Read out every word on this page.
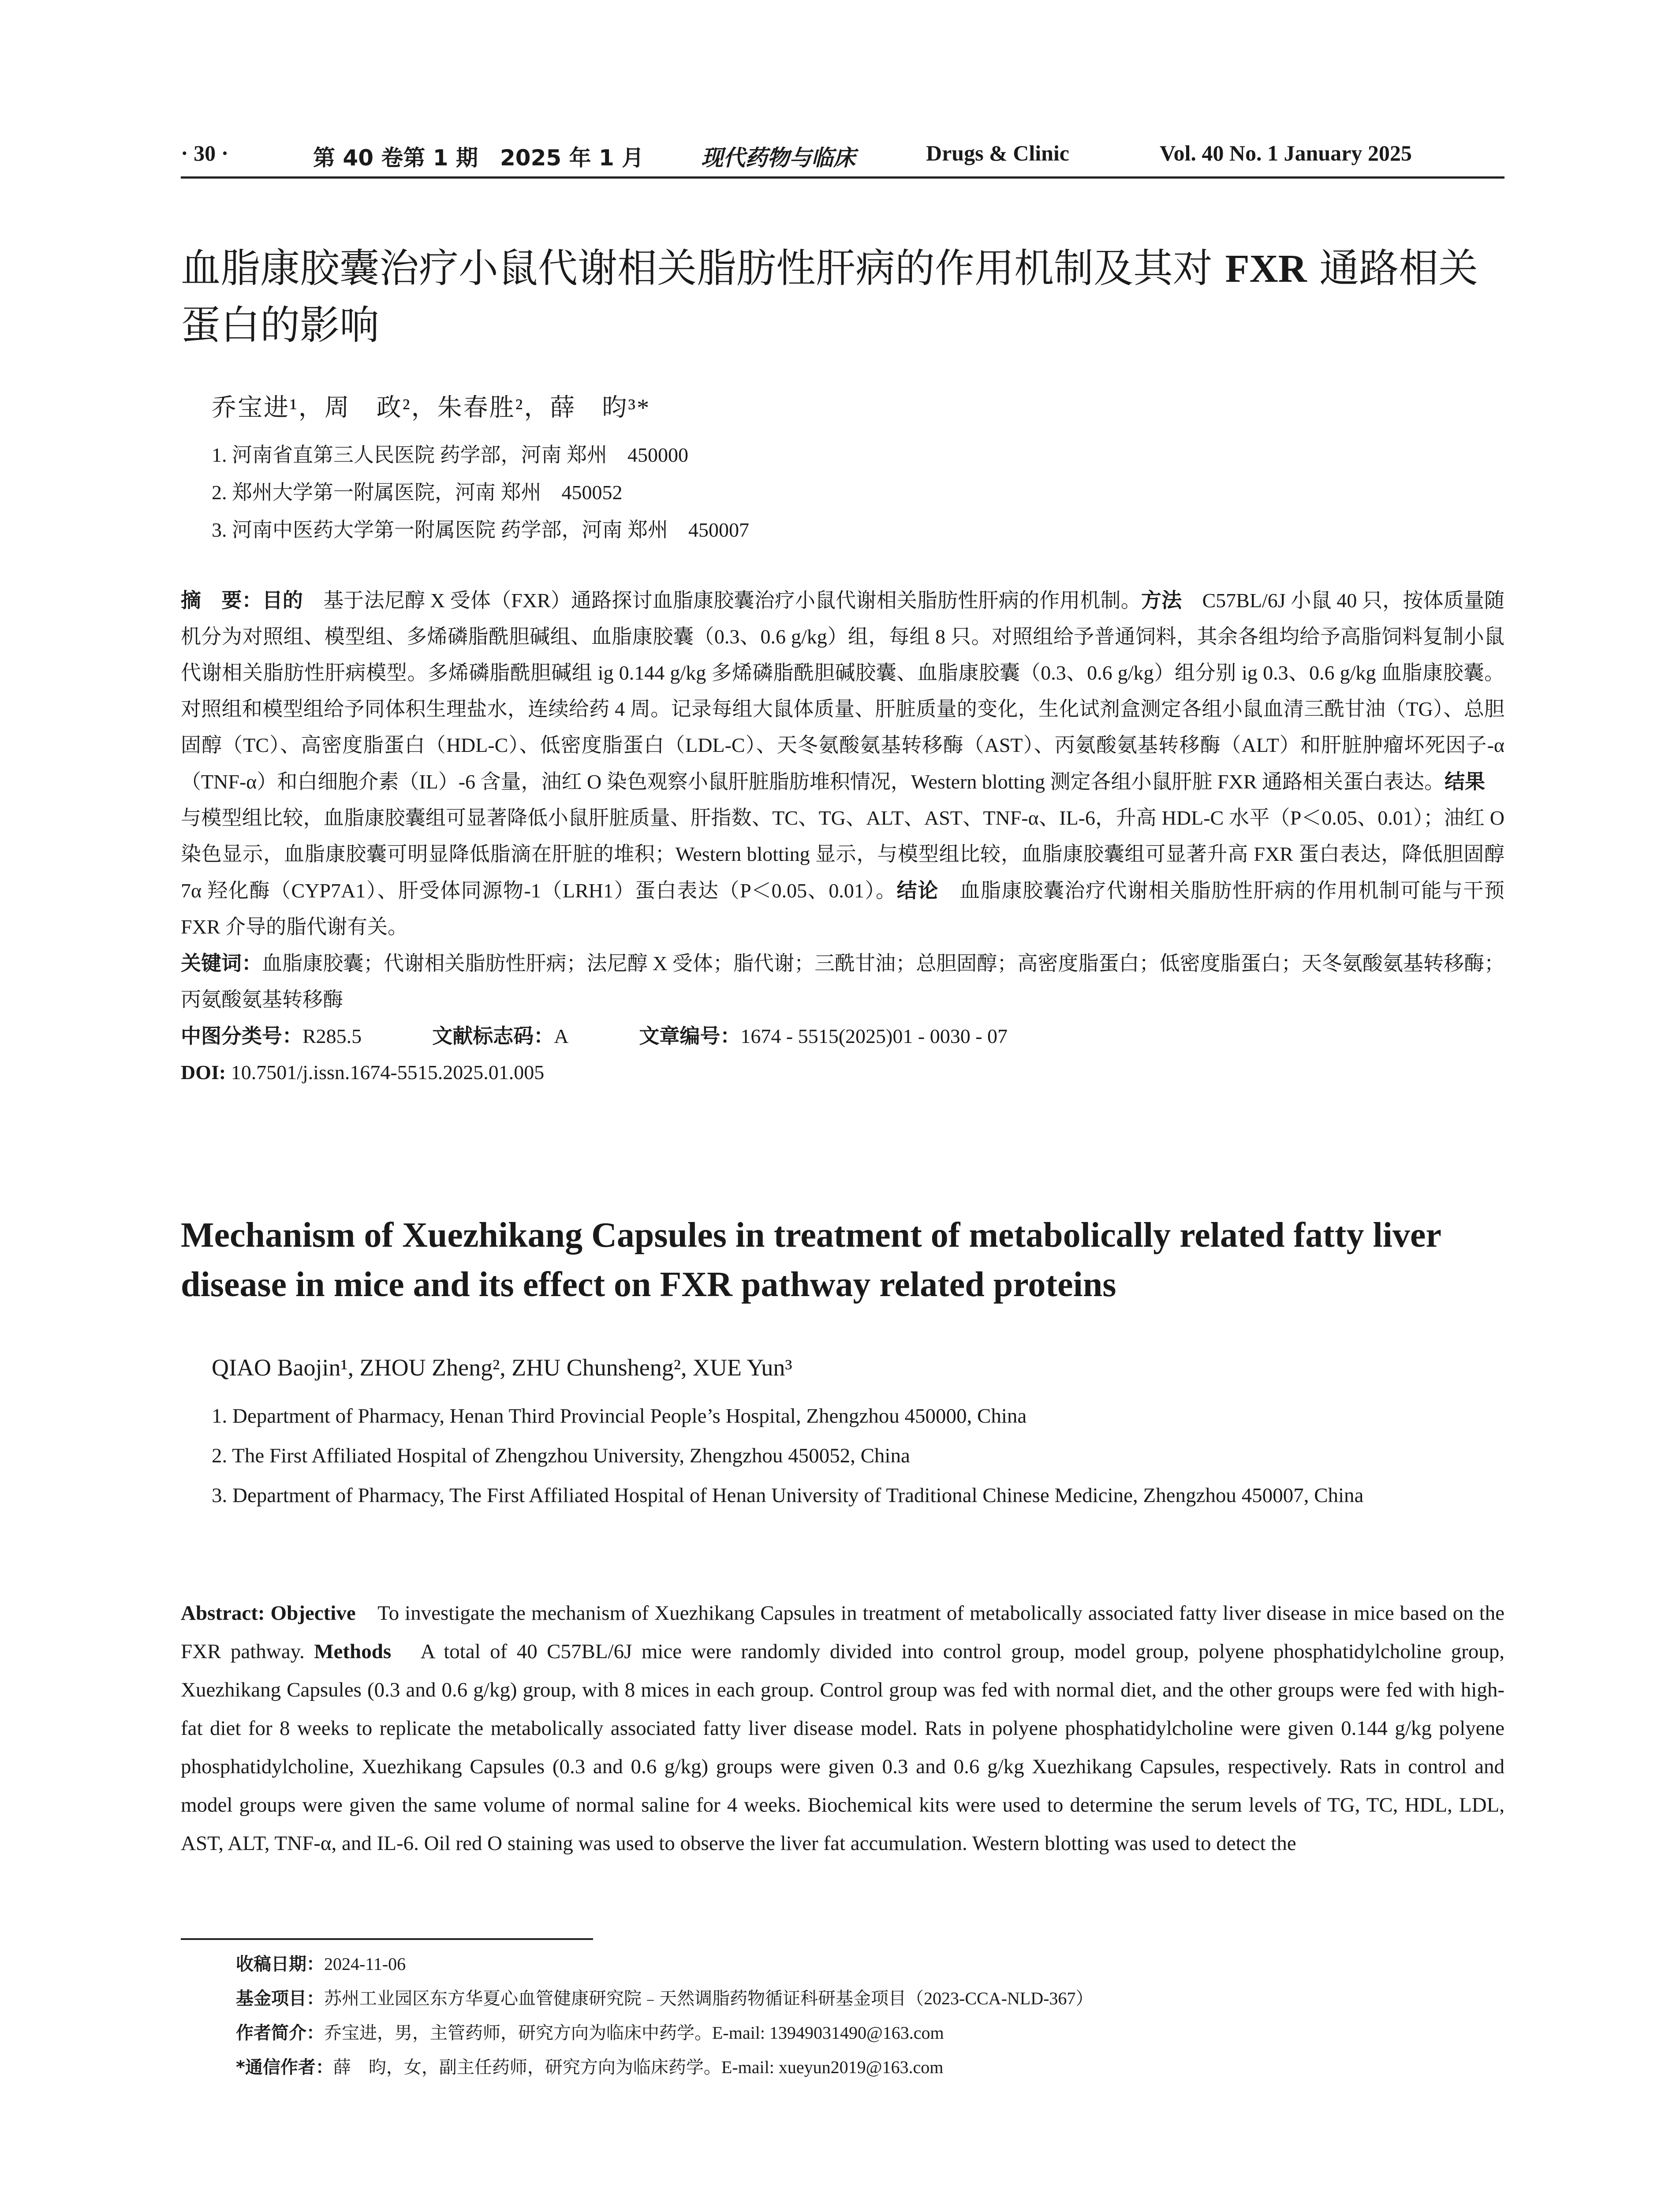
· 30 ·	第 40 卷第 1 期　2025 年 1 月	现代药物与临床	Drugs & Clinic	Vol. 40 No. 1 January 2025
血脂康胶囊治疗小鼠代谢相关脂肪性肝病的作用机制及其对 FXR 通路相关蛋白的影响
乔宝进¹，周　政²，朱春胜²，薛　昀³*
1. 河南省直第三人民医院 药学部，河南 郑州　450000
2. 郑州大学第一附属医院，河南 郑州　450052
3. 河南中医药大学第一附属医院 药学部，河南 郑州　450007

摘　要：目的　基于法尼醇 X 受体（FXR）通路探讨血脂康胶囊治疗小鼠代谢相关脂肪性肝病的作用机制。方法　C57BL/6J 小鼠 40 只，按体质量随机分为对照组、模型组、多烯磷脂酰胆碱组、血脂康胶囊（0.3、0.6 g/kg）组，每组 8 只。对照组给予普通饲料，其余各组均给予高脂饲料复制小鼠代谢相关脂肪性肝病模型。多烯磷脂酰胆碱组 ig 0.144 g/kg 多烯磷脂酰胆碱胶囊、血脂康胶囊（0.3、0.6 g/kg）组分别 ig 0.3、0.6 g/kg 血脂康胶囊。对照组和模型组给予同体积生理盐水，连续给药 4 周。记录每组大鼠体质量、肝脏质量的变化，生化试剂盒测定各组小鼠血清三酰甘油（TG）、总胆固醇（TC）、高密度脂蛋白（HDL-C）、低密度脂蛋白（LDL-C）、天冬氨酸氨基转移酶（AST）、丙氨酸氨基转移酶（ALT）和肝脏肿瘤坏死因子-α（TNF-α）和白细胞介素（IL）-6 含量，油红 O 染色观察小鼠肝脏脂肪堆积情况，Western blotting 测定各组小鼠肝脏 FXR 通路相关蛋白表达。结果　与模型组比较，血脂康胶囊组可显著降低小鼠肝脏质量、肝指数、TC、TG、ALT、AST、TNF-α、IL-6，升高 HDL-C 水平（P＜0.05、0.01）；油红 O 染色显示，血脂康胶囊可明显降低脂滴在肝脏的堆积；Western blotting 显示，与模型组比较，血脂康胶囊组可显著升高 FXR 蛋白表达，降低胆固醇 7α 羟化酶（CYP7A1）、肝受体同源物-1（LRH1）蛋白表达（P＜0.05、0.01）。结论　血脂康胶囊治疗代谢相关脂肪性肝病的作用机制可能与干预 FXR 介导的脂代谢有关。

关键词：血脂康胶囊；代谢相关脂肪性肝病；法尼醇 X 受体；脂代谢；三酰甘油；总胆固醇；高密度脂蛋白；低密度脂蛋白；天冬氨酸氨基转移酶；丙氨酸氨基转移酶

中图分类号：R285.5	文献标志码：A	文章编号：1674 - 5515(2025)01 - 0030 - 07

DOI: 10.7501/j.issn.1674-5515.2025.01.005

Mechanism of Xuezhikang Capsules in treatment of metabolically related fatty liver disease in mice and its effect on FXR pathway related proteins
QIAO Baojin¹, ZHOU Zheng², ZHU Chunsheng², XUE Yun³
1. Department of Pharmacy, Henan Third Provincial People’s Hospital, Zhengzhou 450000, China
2. The First Affiliated Hospital of Zhengzhou University, Zhengzhou 450052, China
3. Department of Pharmacy, The First Affiliated Hospital of Henan University of Traditional Chinese Medicine, Zhengzhou 450007, China

Abstract: Objective　To investigate the mechanism of Xuezhikang Capsules in treatment of metabolically associated fatty liver disease in mice based on the FXR pathway. Methods　A total of 40 C57BL/6J mice were randomly divided into control group, model group, polyene phosphatidylcholine group, Xuezhikang Capsules (0.3 and 0.6 g/kg) group, with 8 mices in each group. Control group was fed with normal diet, and the other groups were fed with high-fat diet for 8 weeks to replicate the metabolically associated fatty liver disease model. Rats in polyene phosphatidylcholine were given 0.144 g/kg polyene phosphatidylcholine, Xuezhikang Capsules (0.3 and 0.6 g/kg) groups were given 0.3 and 0.6 g/kg Xuezhikang Capsules, respectively. Rats in control and model groups were given the same volume of normal saline for 4 weeks. Biochemical kits were used to determine the serum levels of TG, TC, HDL, LDL, AST, ALT, TNF-α, and IL-6. Oil red O staining was used to observe the liver fat accumulation. Western blotting was used to detect the

收稿日期：2024-11-06
基金项目：苏州工业园区东方华夏心血管健康研究院﹣天然调脂药物循证科研基金项目（2023-CCA-NLD-367）
作者简介：乔宝进，男，主管药师，研究方向为临床中药学。E-mail: 13949031490@163.com
*通信作者：薛　昀，女，副主任药师，研究方向为临床药学。E-mail: xueyun2019@163.com
